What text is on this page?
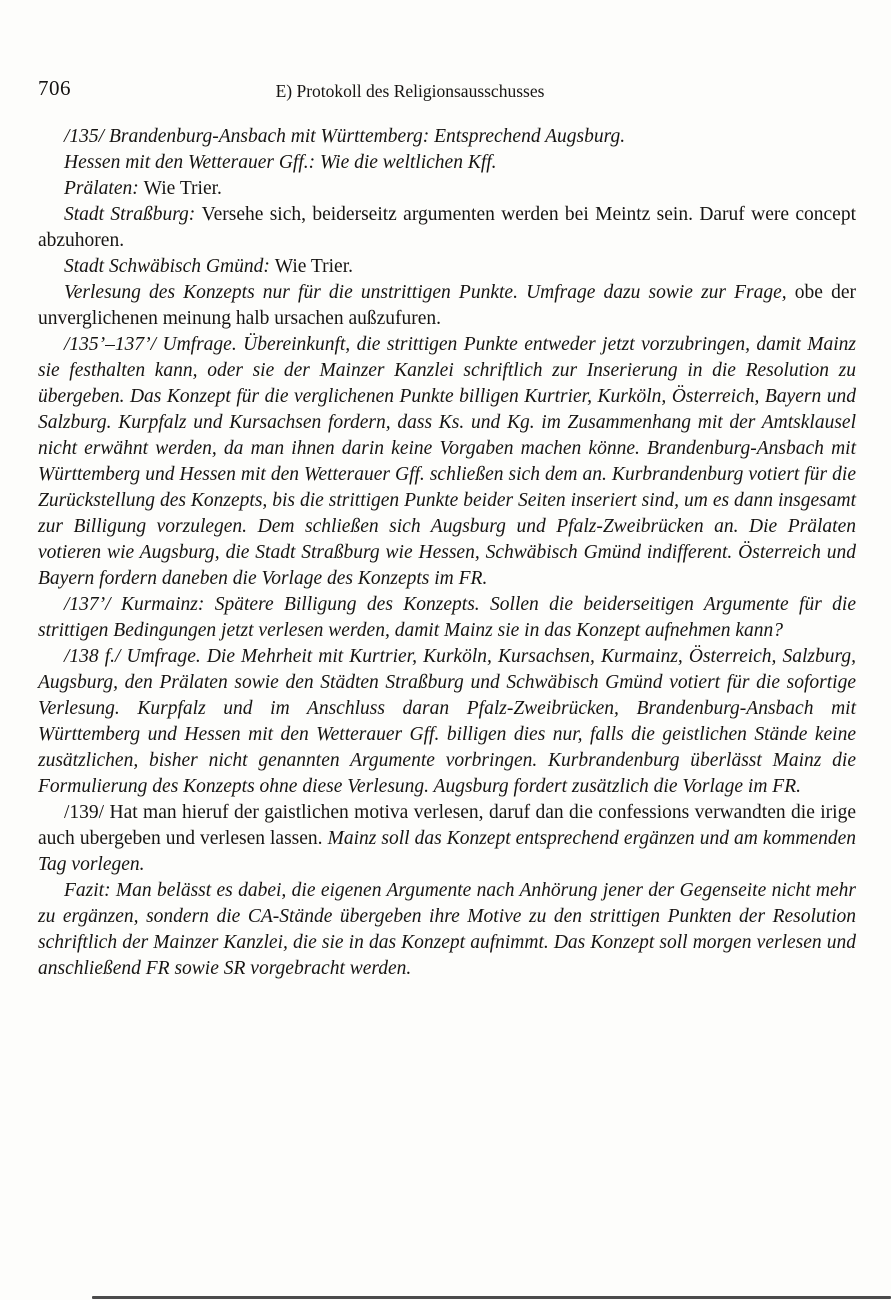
706	E) Protokoll des Religionsausschusses

/135/ Brandenburg-Ansbach mit Württemberg: Entsprechend Augsburg.

Hessen mit den Wetterauer Gff.: Wie die weltlichen Kff.

Prälaten: Wie Trier.

Stadt Straßburg: Versehe sich, beiderseitz argumenten werden bei Meintz sein. Daruf were concept abzuhoren.

Stadt Schwäbisch Gmünd: Wie Trier.

Verlesung des Konzepts nur für die unstrittigen Punkte. Umfrage dazu sowie zur Frage, obe der unverglichenen meinung halb ursachen außzufuren.

/135’–137’/ Umfrage. Übereinkunft, die strittigen Punkte entweder jetzt vorzubringen, damit Mainz sie festhalten kann, oder sie der Mainzer Kanzlei schriftlich zur Inserierung in die Resolution zu übergeben. Das Konzept für die verglichenen Punkte billigen Kurtrier, Kurköln, Österreich, Bayern und Salzburg. Kurpfalz und Kursachsen fordern, dass Ks. und Kg. im Zusammenhang mit der Amtsklausel nicht erwähnt werden, da man ihnen darin keine Vorgaben machen könne. Brandenburg-Ansbach mit Württemberg und Hessen mit den Wetterauer Gff. schließen sich dem an. Kurbrandenburg votiert für die Zurückstellung des Konzepts, bis die strittigen Punkte beider Seiten inseriert sind, um es dann insgesamt zur Billigung vorzulegen. Dem schließen sich Augsburg und Pfalz-Zweibrücken an. Die Prälaten votieren wie Augsburg, die Stadt Straßburg wie Hessen, Schwäbisch Gmünd indifferent. Österreich und Bayern fordern daneben die Vorlage des Konzepts im FR.

/137’/ Kurmainz: Spätere Billigung des Konzepts. Sollen die beiderseitigen Argumente für die strittigen Bedingungen jetzt verlesen werden, damit Mainz sie in das Konzept aufnehmen kann?

/138 f./ Umfrage. Die Mehrheit mit Kurtrier, Kurköln, Kursachsen, Kurmainz, Österreich, Salzburg, Augsburg, den Prälaten sowie den Städten Straßburg und Schwäbisch Gmünd votiert für die sofortige Verlesung. Kurpfalz und im Anschluss daran Pfalz-Zweibrücken, Brandenburg-Ansbach mit Württemberg und Hessen mit den Wetterauer Gff. billigen dies nur, falls die geistlichen Stände keine zusätzlichen, bisher nicht genannten Argumente vorbringen. Kurbrandenburg überlässt Mainz die Formulierung des Konzepts ohne diese Verlesung. Augsburg fordert zusätzlich die Vorlage im FR.

/139/ Hat man hieruf der gaistlichen motiva verlesen, daruf dan die confessions verwandten die irige auch ubergeben und verlesen lassen. Mainz soll das Konzept entsprechend ergänzen und am kommenden Tag vorlegen.

Fazit: Man belässt es dabei, die eigenen Argumente nach Anhörung jener der Gegenseite nicht mehr zu ergänzen, sondern die CA-Stände übergeben ihre Motive zu den strittigen Punkten der Resolution schriftlich der Mainzer Kanzlei, die sie in das Konzept aufnimmt. Das Konzept soll morgen verlesen und anschließend FR sowie SR vorgebracht werden.
